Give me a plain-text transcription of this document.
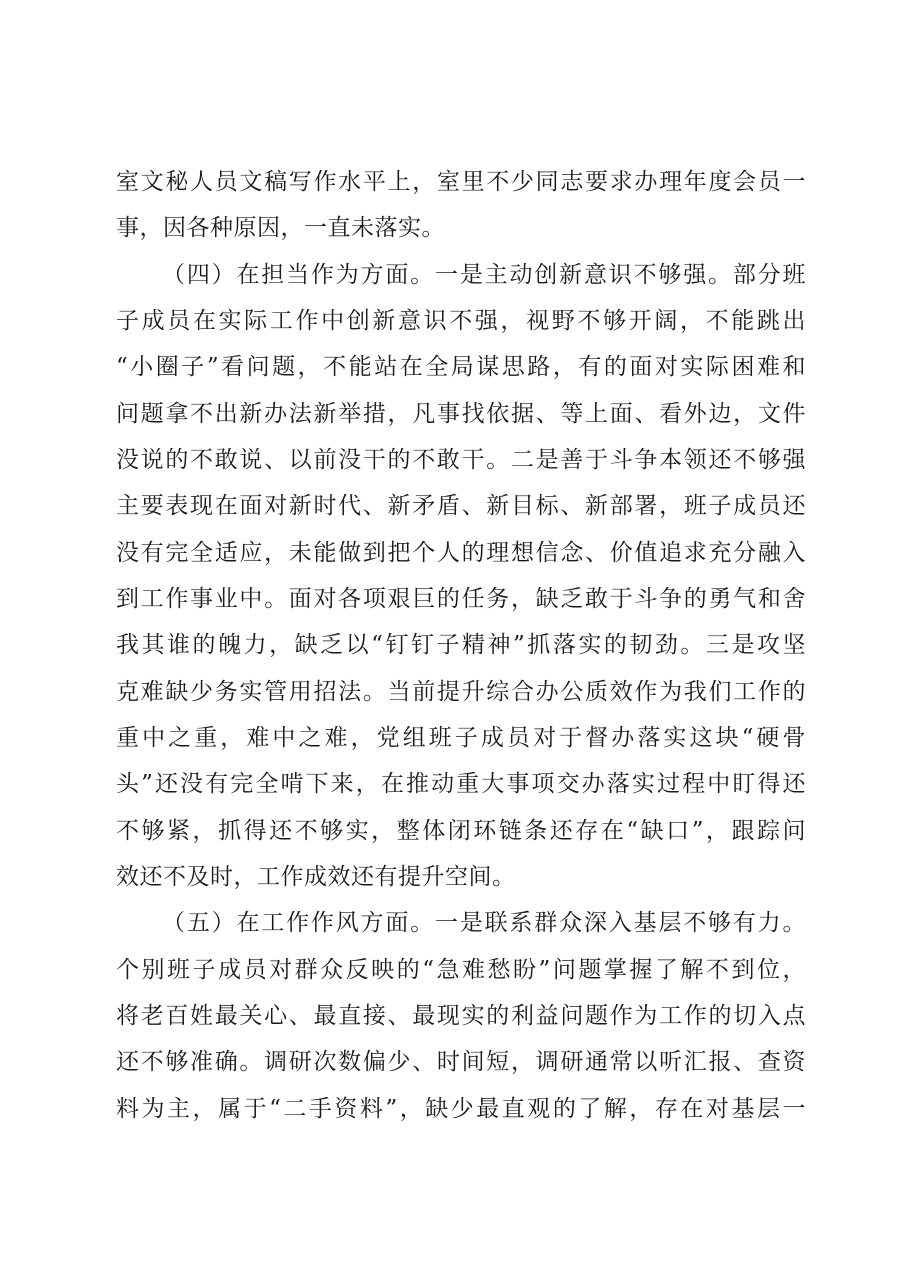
室文秘人员文稿写作水平上，室里不少同志要求办理年度会员一

事，因各种原因，一直未落实。

（四）在担当作为方面。一是主动创新意识不够强。部分班

子成员在实际工作中创新意识不强，视野不够开阔，不能跳出

“小圈子”看问题，不能站在全局谋思路，有的面对实际困难和

问题拿不出新办法新举措，凡事找依据、等上面、看外边，文件

没说的不敢说、以前没干的不敢干。二是善于斗争本领还不够强

主要表现在面对新时代、新矛盾、新目标、新部署，班子成员还

没有完全适应，未能做到把个人的理想信念、价值追求充分融入

到工作事业中。面对各项艰巨的任务，缺乏敢于斗争的勇气和舍

我其谁的魄力，缺乏以“钉钉子精神”抓落实的韧劲。三是攻坚

克难缺少务实管用招法。当前提升综合办公质效作为我们工作的

重中之重，难中之难，党组班子成员对于督办落实这块“硬骨

头”还没有完全啃下来，在推动重大事项交办落实过程中盯得还

不够紧，抓得还不够实，整体闭环链条还存在“缺口”，跟踪问

效还不及时，工作成效还有提升空间。

（五）在工作作风方面。一是联系群众深入基层不够有力。

个别班子成员对群众反映的“急难愁盼”问题掌握了解不到位，

将老百姓最关心、最直接、最现实的利益问题作为工作的切入点

还不够准确。调研次数偏少、时间短，调研通常以听汇报、查资

料为主，属于“二手资料”，缺少最直观的了解，存在对基层一
